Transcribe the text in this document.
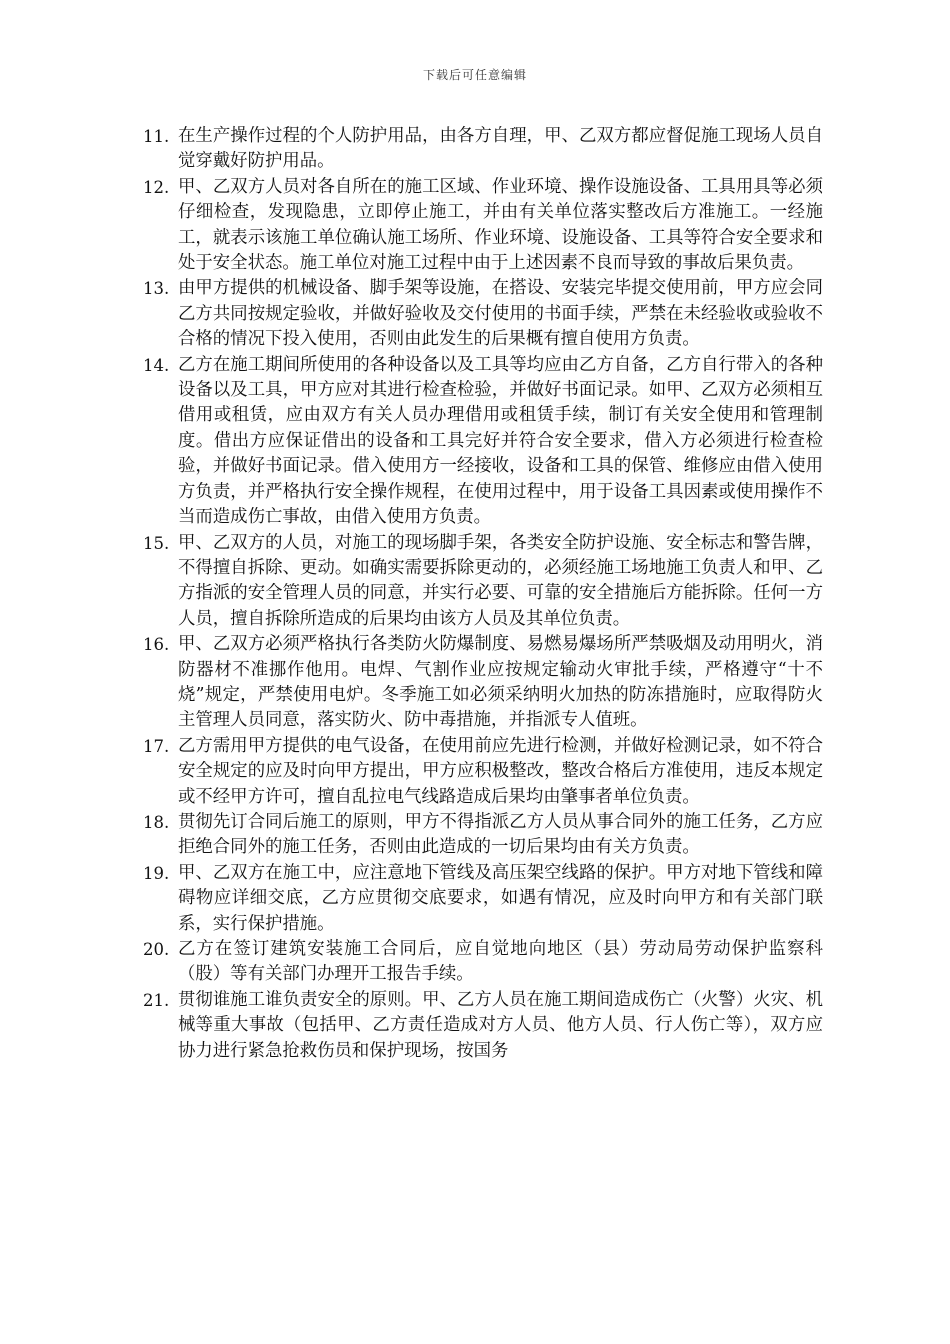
下载后可任意编辑
11. 在生产操作过程的个人防护用品，由各方自理，甲、乙双方都应督促施工现场人员自觉穿戴好防护用品。
12. 甲、乙双方人员对各自所在的施工区域、作业环境、操作设施设备、工具用具等必须仔细检查，发现隐患，立即停止施工，并由有关单位落实整改后方准施工。一经施工，就表示该施工单位确认施工场所、作业环境、设施设备、工具等符合安全要求和处于安全状态。施工单位对施工过程中由于上述因素不良而导致的事故后果负责。
13. 由甲方提供的机械设备、脚手架等设施，在搭设、安装完毕提交使用前，甲方应会同乙方共同按规定验收，并做好验收及交付使用的书面手续，严禁在未经验收或验收不合格的情况下投入使用，否则由此发生的后果概有擅自使用方负责。
14. 乙方在施工期间所使用的各种设备以及工具等均应由乙方自备，乙方自行带入的各种设备以及工具，甲方应对其进行检查检验，并做好书面记录。如甲、乙双方必须相互借用或租赁，应由双方有关人员办理借用或租赁手续，制订有关安全使用和管理制度。借出方应保证借出的设备和工具完好并符合安全要求，借入方必须进行检查检验，并做好书面记录。借入使用方一经接收，设备和工具的保管、维修应由借入使用方负责，并严格执行安全操作规程，在使用过程中，用于设备工具因素或使用操作不当而造成伤亡事故，由借入使用方负责。
15. 甲、乙双方的人员，对施工的现场脚手架，各类安全防护设施、安全标志和警告牌，不得擅自拆除、更动。如确实需要拆除更动的，必须经施工场地施工负责人和甲、乙方指派的安全管理人员的同意，并实行必要、可靠的安全措施后方能拆除。任何一方人员，擅自拆除所造成的后果均由该方人员及其单位负责。
16. 甲、乙双方必须严格执行各类防火防爆制度、易燃易爆场所严禁吸烟及动用明火，消防器材不准挪作他用。电焊、气割作业应按规定输动火审批手续，严格遵守“十不烧”规定，严禁使用电炉。冬季施工如必须采纳明火加热的防冻措施时，应取得防火主管理人员同意，落实防火、防中毒措施，并指派专人值班。
17. 乙方需用甲方提供的电气设备，在使用前应先进行检测，并做好检测记录，如不符合安全规定的应及时向甲方提出，甲方应积极整改，整改合格后方准使用，违反本规定或不经甲方许可，擅自乱拉电气线路造成后果均由肇事者单位负责。
18. 贯彻先订合同后施工的原则，甲方不得指派乙方人员从事合同外的施工任务，乙方应拒绝合同外的施工任务，否则由此造成的一切后果均由有关方负责。
19. 甲、乙双方在施工中，应注意地下管线及高压架空线路的保护。甲方对地下管线和障碍物应详细交底，乙方应贯彻交底要求，如遇有情况，应及时向甲方和有关部门联系，实行保护措施。
20. 乙方在签订建筑安装施工合同后，应自觉地向地区（县）劳动局劳动保护监察科（股）等有关部门办理开工报告手续。
21. 贯彻谁施工谁负责安全的原则。甲、乙方人员在施工期间造成伤亡（火警）火灾、机械等重大事故（包括甲、乙方责任造成对方人员、他方人员、行人伤亡等），双方应协力进行紧急抢救伤员和保护现场，按国务
